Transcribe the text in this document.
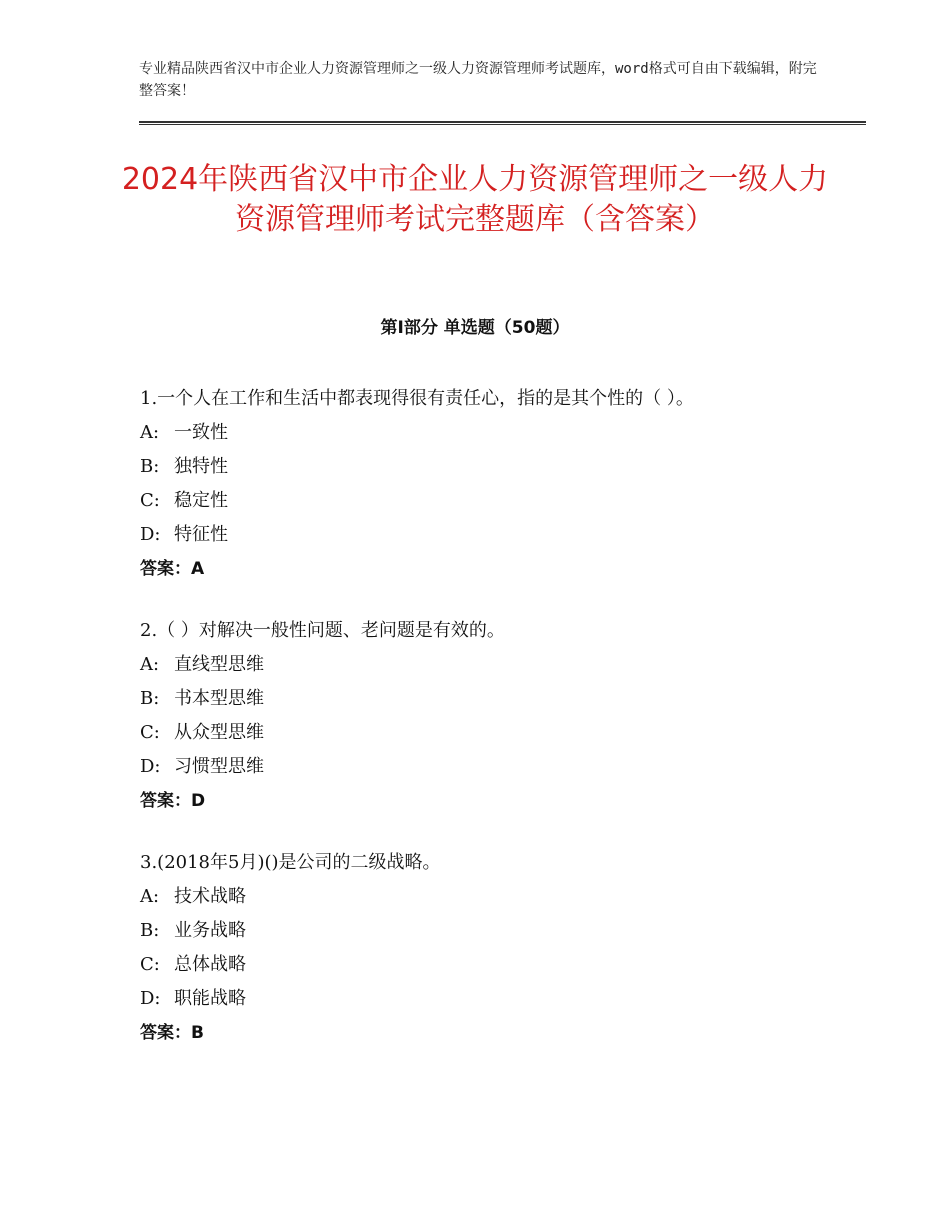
专业精品陕西省汉中市企业人力资源管理师之一级人力资源管理师考试题库，word格式可自由下载编辑，附完整答案！
2024年陕西省汉中市企业人力资源管理师之一级人力资源管理师考试完整题库（含答案）
第Ⅰ部分 单选题（50题）

1.一个人在工作和生活中都表现得很有责任心，指的是其个性的（ ）。

A: 一致性

B: 独特性

C: 稳定性

D: 特征性

答案：A

2.（ ）对解决一般性问题、老问题是有效的。

A: 直线型思维

B: 书本型思维

C: 从众型思维

D: 习惯型思维

答案：D

3.(2018年5月)()是公司的二级战略。

A: 技术战略

B: 业务战略

C: 总体战略

D: 职能战略

答案：B
